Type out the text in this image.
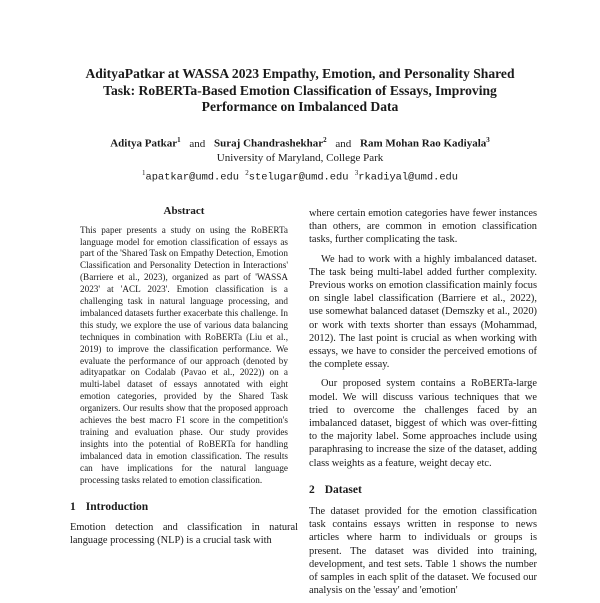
AdityaPatkar at WASSA 2023 Empathy, Emotion, and Personality Shared
Task: RoBERTa-Based Emotion Classification of Essays, Improving
Performance on Imbalanced Data
Aditya Patkar$^1$ and Suraj Chandrashekhar$^2$ and Ram Mohan Rao Kadiyala$^3$
University of Maryland, College Park
$^1$apatkar@umd.edu $^2$stelugar@umd.edu $^3$rkadiyal@umd.edu
Abstract
This paper presents a study on using the RoBERTa language model for emotion classification of essays as part of the 'Shared Task on Empathy Detection, Emotion Classification and Personality Detection in Interactions' (Barriere et al., 2023), organized as part of 'WASSA 2023' at 'ACL 2023'. Emotion classification is a challenging task in natural language processing, and imbalanced datasets further exacerbate this challenge. In this study, we explore the use of various data balancing techniques in combination with RoBERTa (Liu et al., 2019) to improve the classification performance. We evaluate the performance of our approach (denoted by adityapatkar on Codalab (Pavao et al., 2022)) on a multi-label dataset of essays annotated with eight emotion categories, provided by the Shared Task organizers. Our results show that the proposed approach achieves the best macro F1 score in the competition's training and evaluation phase. Our study provides insights into the potential of RoBERTa for handling imbalanced data in emotion classification. The results can have implications for the natural language processing tasks related to emotion classification.
1 Introduction
Emotion detection and classification in natural language processing (NLP) is a crucial task with
where certain emotion categories have fewer instances than others, are common in emotion classification tasks, further complicating the task.
We had to work with a highly imbalanced dataset. The task being multi-label added further complexity. Previous works on emotion classification mainly focus on single label classification (Barriere et al., 2022), use somewhat balanced dataset (Demszky et al., 2020) or work with texts shorter than essays (Mohammad, 2012). The last point is crucial as when working with essays, we have to consider the perceived emotions of the complete essay.
Our proposed system contains a RoBERTa-large model. We will discuss various techniques that we tried to overcome the challenges faced by an imbalanced dataset, biggest of which was over-fitting to the majority label. Some approaches include using paraphrasing to increase the size of the dataset, adding class weights as a feature, weight decay etc.
2 Dataset
The dataset provided for the emotion classification task contains essays written in response to news articles where harm to individuals or groups is present. The dataset was divided into training, development, and test sets. Table 1 shows the number of samples in each split of the dataset. We focused our analysis on the 'essay' and 'emotion'
